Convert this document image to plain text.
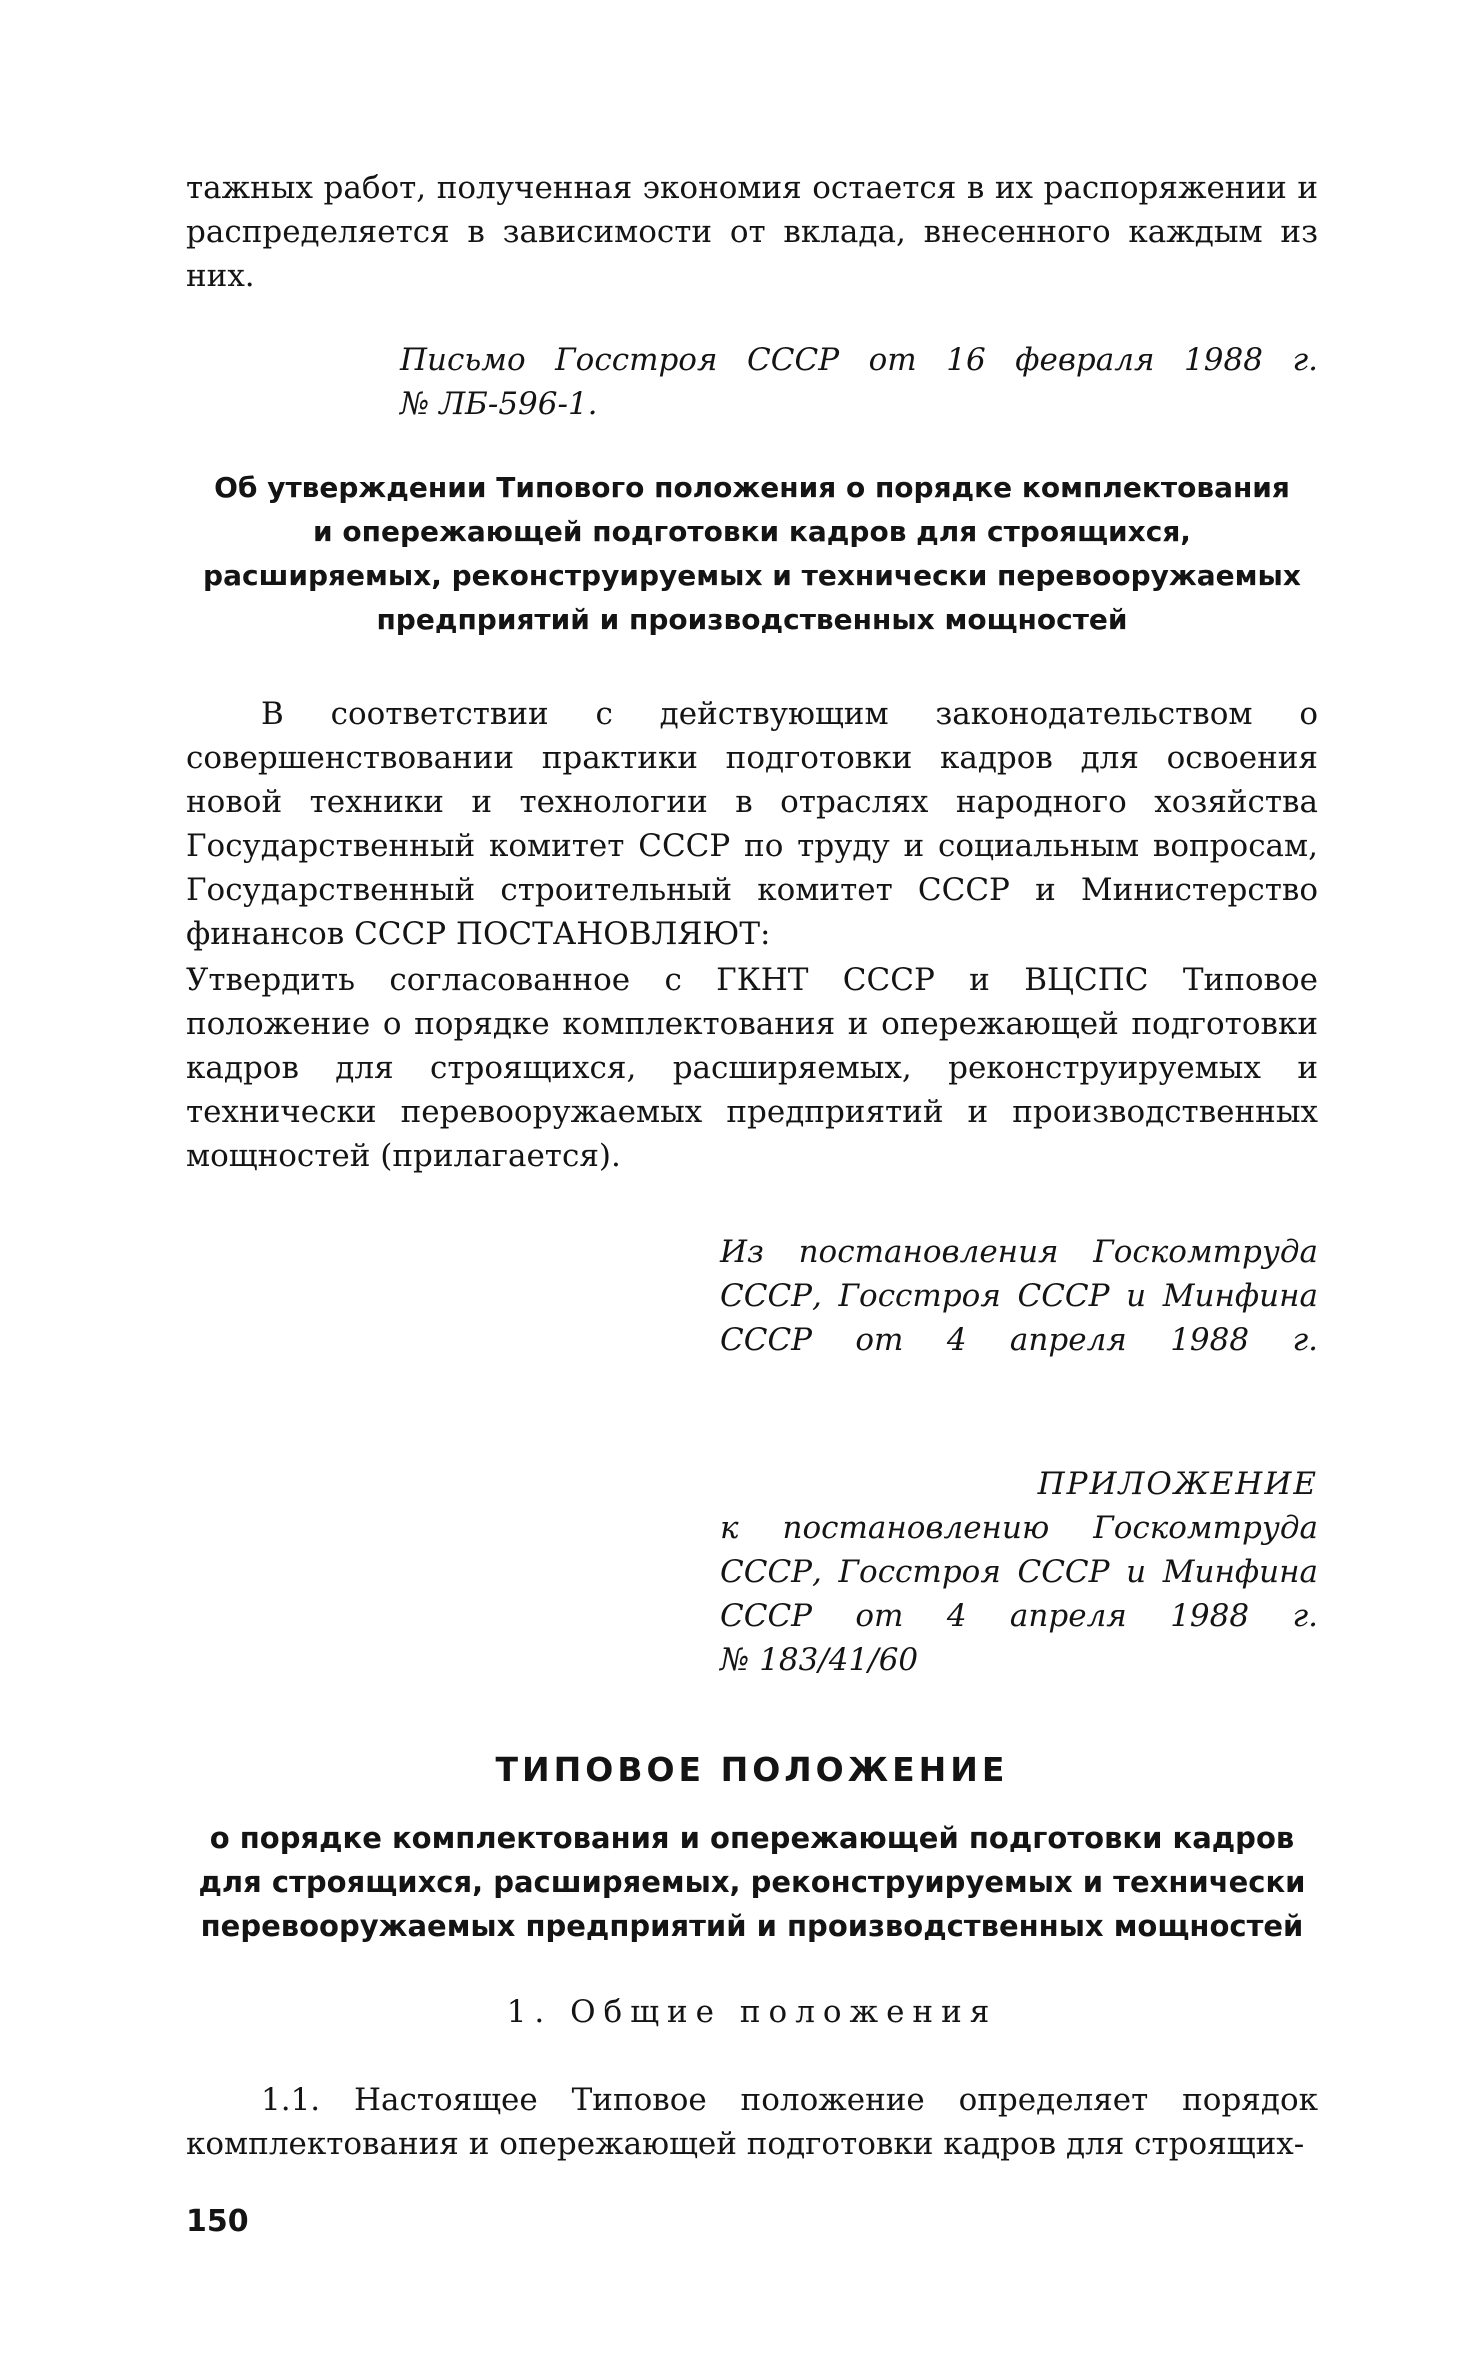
тажных работ, полученная экономия остается в их распоряжении и распределяется в зависимости от вклада, внесенного каждым из них.

Письмо Госстроя СССР от 16 февраля 1988 г.
№ ЛБ-596-1.
Об утверждении Типового положения о порядке комплектования
и опережающей подготовки кадров для строящихся,
расширяемых, реконструируемых и технически перевооружаемых
предприятий и производственных мощностей

В соответствии с действующим законодательством о совершенствовании практики подготовки кадров для освоения новой техники и технологии в отраслях народного хозяйства Государственный комитет СССР по труду и социальным вопросам, Государственный строительный комитет СССР и Министерство финансов СССР ПОСТАНОВЛЯЮТ:

Утвердить согласованное с ГКНТ СССР и ВЦСПС Типовое положение о порядке комплектования и опережающей подготовки кадров для строящихся, расширяемых, реконструируемых и технически перевооружаемых предприятий и производственных мощностей (прилагается).

Из постановления Госкомтруда

СССР, Госстроя СССР и Минфина СССР от 4 апреля 1988 г.

ПРИЛОЖЕНИЕ

к постановлению Госкомтруда СССР, Госстроя СССР и Минфина СССР от 4 апреля 1988 г.

№ 183/41/60
ТИПОВОЕ ПОЛОЖЕНИЕ
о порядке комплектования и опережающей подготовки кадров
для строящихся, расширяемых, реконструируемых и технически
перевооружаемых предприятий и производственных мощностей
1. Общие положения

1.1. Настоящее Типовое положение определяет порядок комплектования и опережающей подготовки кадров для строящих-

150
